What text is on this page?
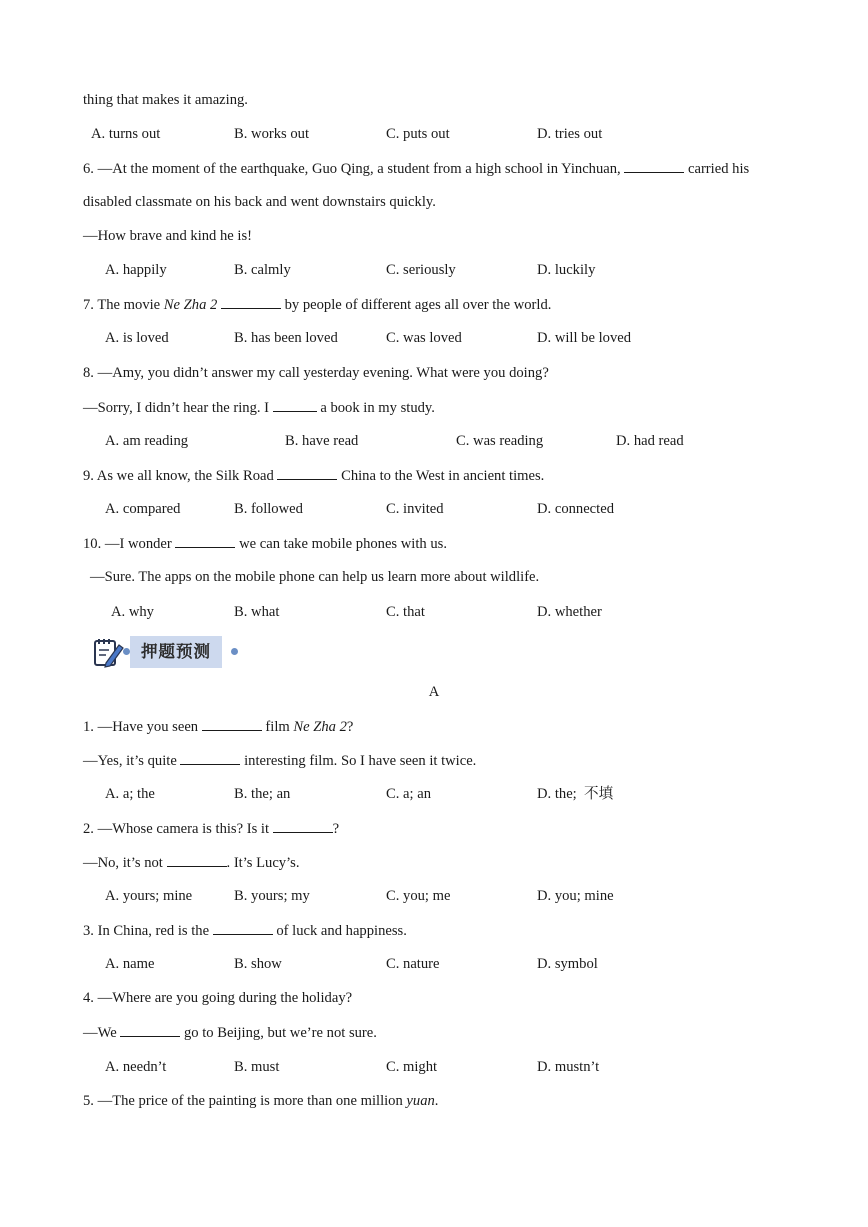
thing that makes it amazing.
A. turns out	B. works out	C. puts out	D. tries out
6. —At the moment of the earthquake, Guo Qing, a student from a high school in Yinchuan,	carried his
disabled classmate on his back and went downstairs quickly.
—How brave and kind he is!
A. happily	B. calmly	C. seriously	D. luckily
7. The movie Ne Zha 2	by people of different ages all over the world.
A. is loved	B. has been loved	C. was loved	D. will be loved
8. —Amy, you didn’t answer my call yesterday evening. What were you doing?
—Sorry, I didn’t hear the ring. I	a book in my study.
A. am reading	B. have read	C. was reading	D. had read
9. As we all know, the Silk Road	China to the West in ancient times.
A. compared	B. followed	C. invited	D. connected
10. —I wonder	we can take mobile phones with us.
—Sure. The apps on the mobile phone can help us learn more about wildlife.
A. why	B. what	C. that	D. whether
押题预测
A
1. —Have you seen	film Ne Zha 2?
—Yes, it’s quite	interesting film. So I have seen it twice.
A. a; the	B. the; an	C. a; an	D. the;  不填
2. —Whose camera is this? Is it	?
—No, it’s not	. It’s Lucy’s.
A. yours; mine	B. yours; my	C. you; me	D. you; mine
3. In China, red is the	of luck and happiness.
A. name	B. show	C. nature	D. symbol
4. —Where are you going during the holiday?
—We	go to Beijing, but we’re not sure.
A. needn’t	B. must	C. might	D. mustn’t
5. —The price of the painting is more than one million yuan.
